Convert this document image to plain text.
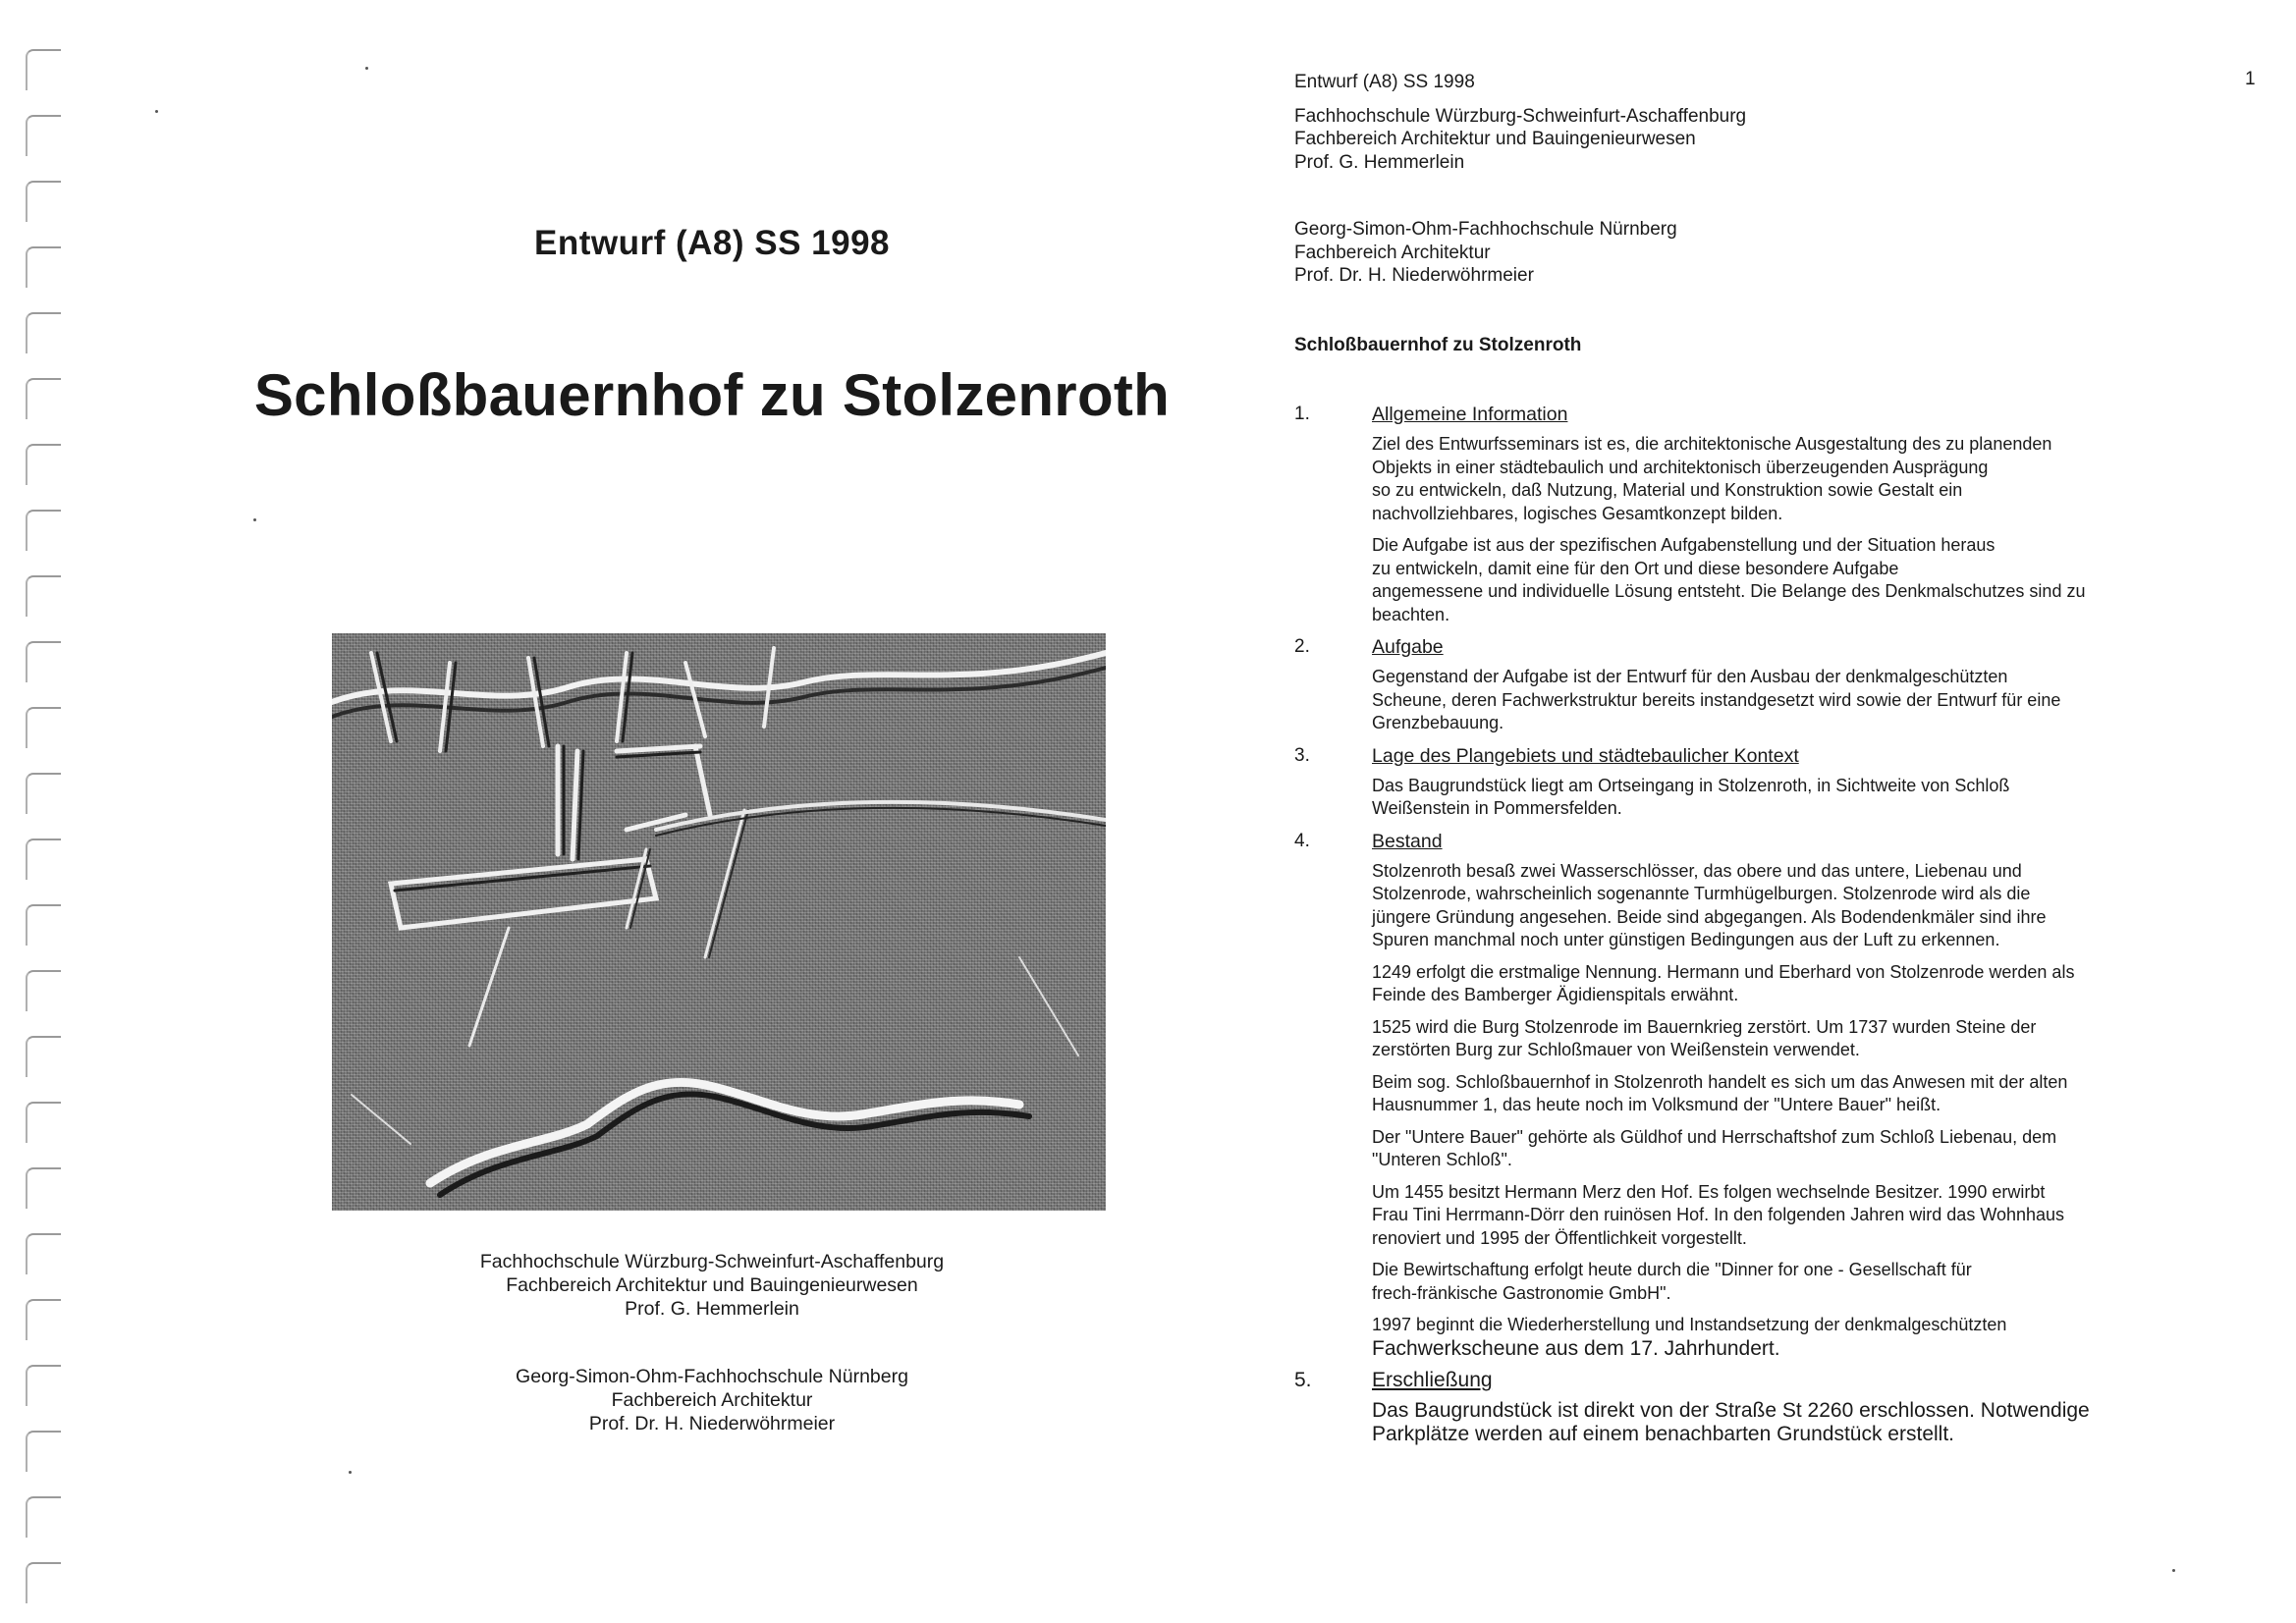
Entwurf (A8) SS 1998
Schloßbauernhof zu Stolzenroth
Fachhochschule Würzburg-Schweinfurt-Aschaffenburg
Fachbereich Architektur und Bauingenieurwesen
Prof. G. Hemmerlein
Georg-Simon-Ohm-Fachhochschule Nürnberg
Fachbereich Architektur
Prof. Dr. H. Niederwöhrmeier
1
Entwurf (A8) SS 1998
Fachhochschule Würzburg-Schweinfurt-Aschaffenburg
Fachbereich Architektur und Bauingenieurwesen
Prof. G. Hemmerlein
Georg-Simon-Ohm-Fachhochschule Nürnberg
Fachbereich Architektur
Prof. Dr. H. Niederwöhrmeier
Schloßbauernhof zu Stolzenroth
1.	Allgemeine Information
Ziel des Entwurfsseminars ist es, die architektonische Ausgestaltung des zu planenden
Objekts in einer städtebaulich und architektonisch überzeugenden Ausprägung
so zu entwickeln, daß Nutzung, Material und Konstruktion sowie Gestalt ein
nachvollziehbares, logisches Gesamtkonzept bilden.
Die Aufgabe ist aus der spezifischen Aufgabenstellung und der Situation heraus
zu entwickeln, damit eine für den Ort und diese besondere Aufgabe
angemessene und individuelle Lösung entsteht. Die Belange des Denkmalschutzes sind zu
beachten.
2.	Aufgabe
Gegenstand der Aufgabe ist der Entwurf für den Ausbau der denkmalgeschützten
Scheune, deren Fachwerkstruktur bereits instandgesetzt wird sowie der Entwurf für eine
Grenzbebauung.
3.	Lage des Plangebiets und städtebaulicher Kontext
Das Baugrundstück liegt am Ortseingang in Stolzenroth, in Sichtweite von Schloß
Weißenstein in Pommersfelden.
4.	Bestand
Stolzenroth besaß zwei Wasserschlösser, das obere und das untere, Liebenau und
Stolzenrode, wahrscheinlich sogenannte Turmhügelburgen. Stolzenrode wird als die
jüngere Gründung angesehen. Beide sind abgegangen. Als Bodendenkmäler sind ihre
Spuren manchmal noch unter günstigen Bedingungen aus der Luft zu erkennen.
1249 erfolgt die erstmalige Nennung. Hermann und Eberhard von Stolzenrode werden als
Feinde des Bamberger Ägidienspitals erwähnt.
1525 wird die Burg Stolzenrode im Bauernkrieg zerstört. Um 1737 wurden Steine der
zerstörten Burg zur Schloßmauer von Weißenstein verwendet.
Beim sog. Schloßbauernhof in Stolzenroth handelt es sich um das Anwesen mit der alten
Hausnummer 1, das heute noch im Volksmund der "Untere Bauer" heißt.
Der "Untere Bauer" gehörte als Güldhof und Herrschaftshof zum Schloß Liebenau, dem
"Unteren Schloß".
Um 1455 besitzt Hermann Merz den Hof. Es folgen wechselnde Besitzer. 1990 erwirbt
Frau Tini Herrmann-Dörr den ruinösen Hof. In den folgenden Jahren wird das Wohnhaus
renoviert und 1995 der Öffentlichkeit vorgestellt.
Die Bewirtschaftung erfolgt heute durch die "Dinner for one - Gesellschaft für
frech-fränkische Gastronomie GmbH".
1997 beginnt die Wiederherstellung und Instandsetzung der denkmalgeschützten
Fachwerkscheune aus dem 17. Jahrhundert.
5.	Erschließung
Das Baugrundstück ist direkt von der Straße St 2260 erschlossen. Notwendige
Parkplätze werden auf einem benachbarten Grundstück erstellt.
